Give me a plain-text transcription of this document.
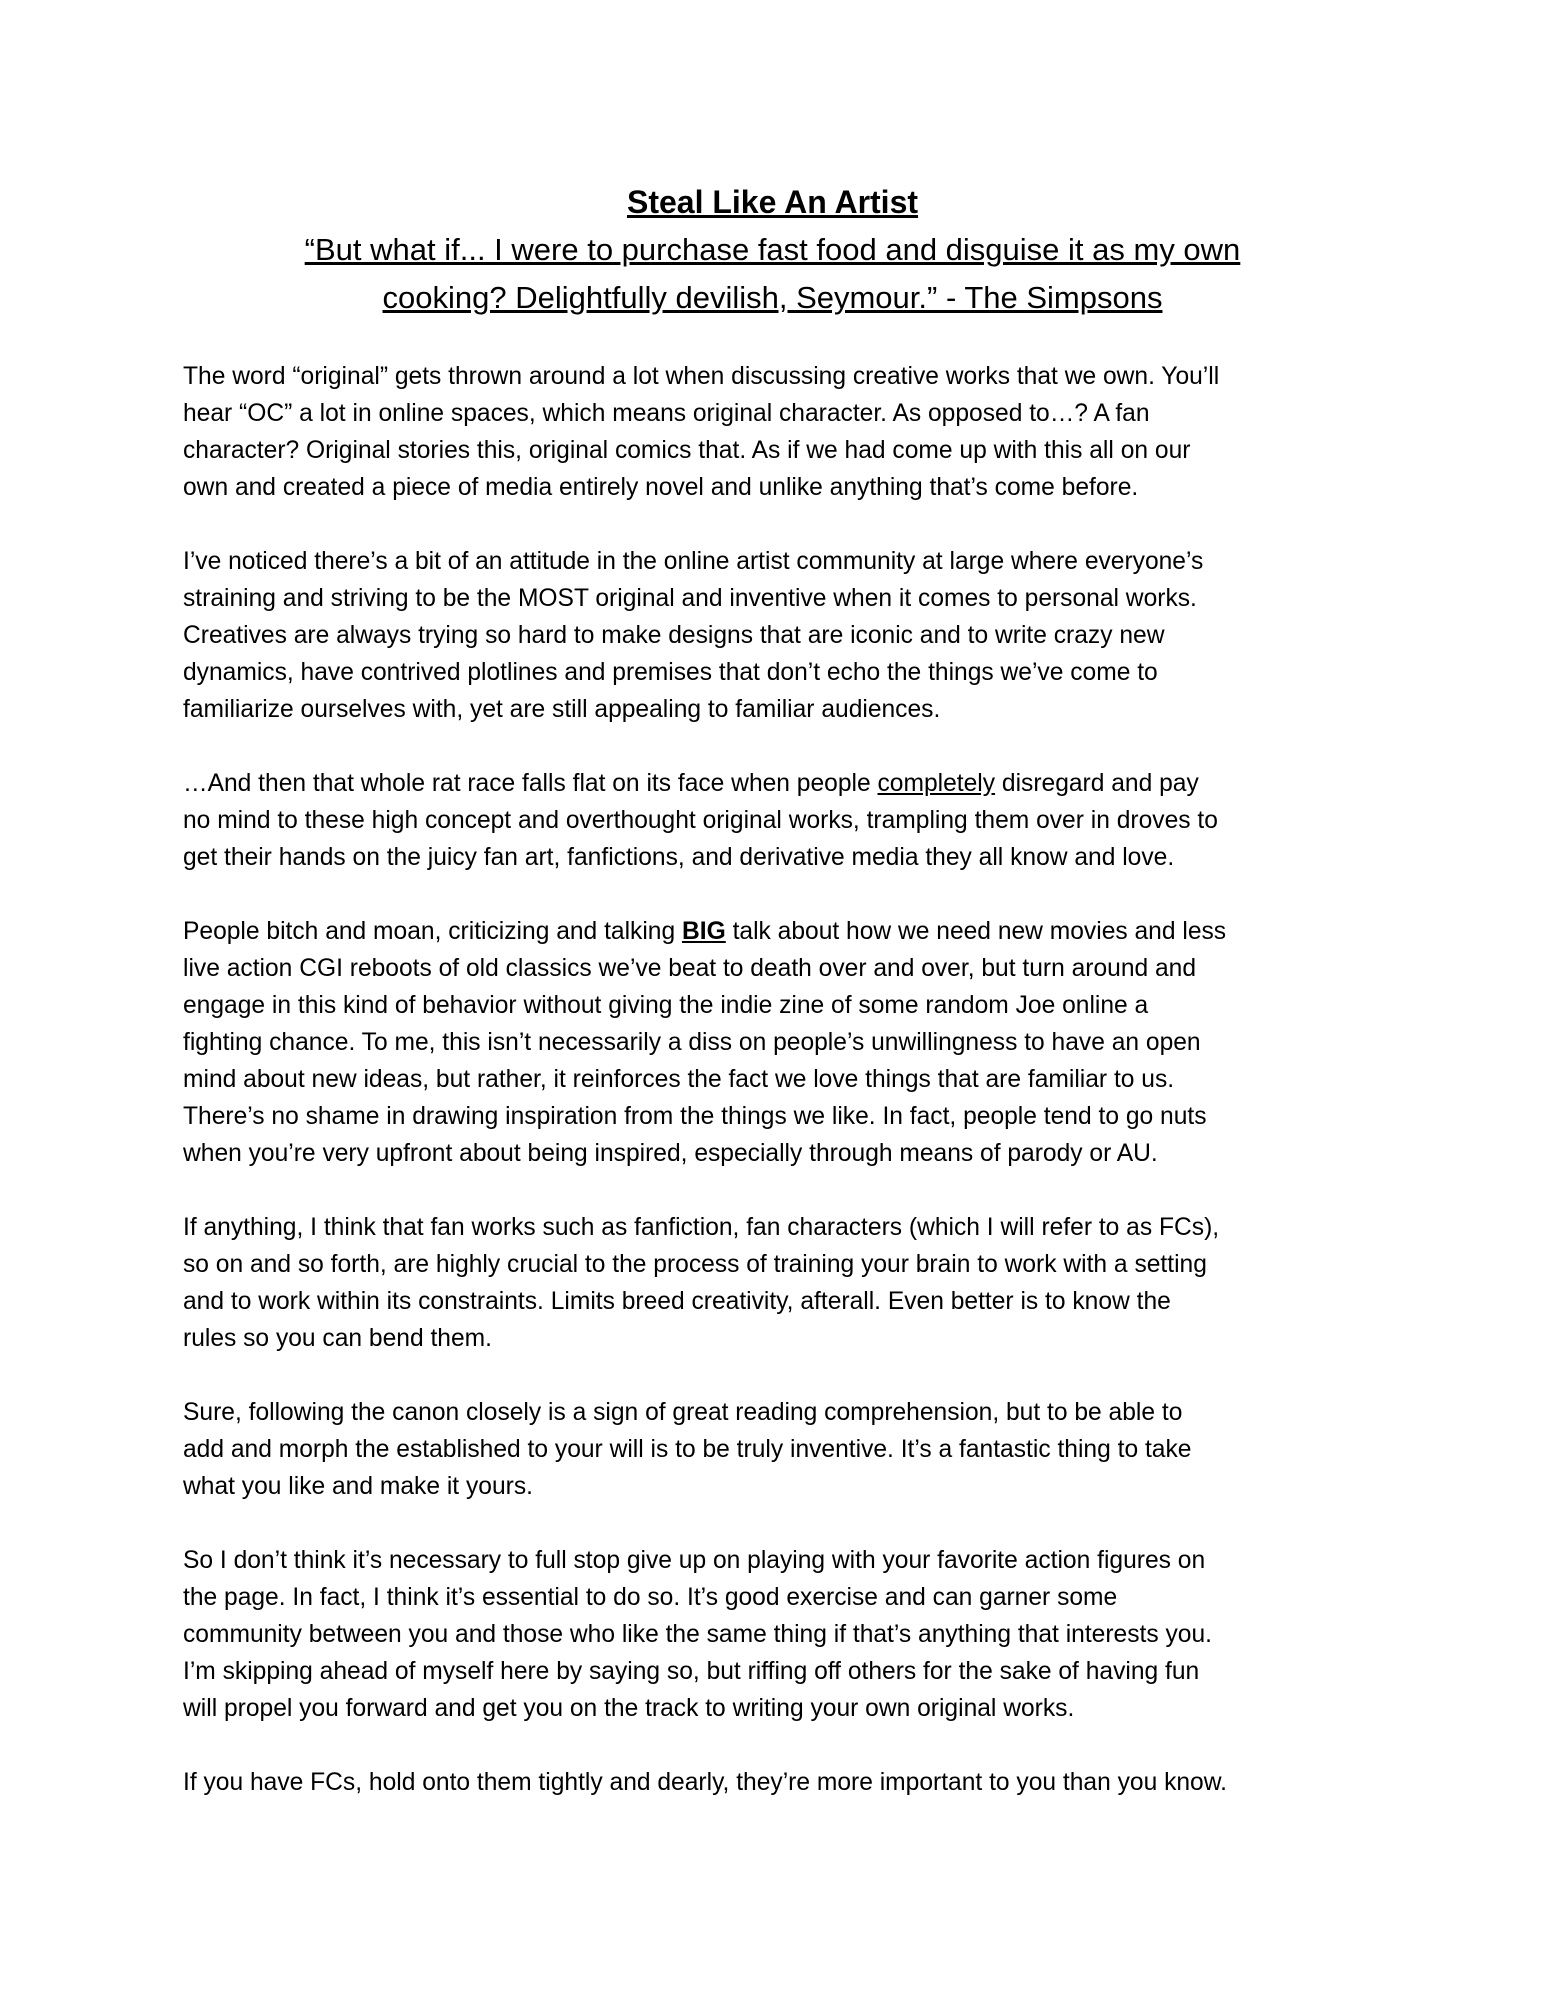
Steal Like An Artist
“But what if... I were to purchase fast food and disguise it as my own
cooking? Delightfully devilish, Seymour.” - The Simpsons

The word “original” gets thrown around a lot when discussing creative works that we own. You’ll
hear “OC” a lot in online spaces, which means original character. As opposed to…? A fan
character? Original stories this, original comics that. As if we had come up with this all on our
own and created a piece of media entirely novel and unlike anything that’s come before.

I’ve noticed there’s a bit of an attitude in the online artist community at large where everyone’s
straining and striving to be the MOST original and inventive when it comes to personal works.
Creatives are always trying so hard to make designs that are iconic and to write crazy new
dynamics, have contrived plotlines and premises that don’t echo the things we’ve come to
familiarize ourselves with, yet are still appealing to familiar audiences.

…And then that whole rat race falls flat on its face when people completely disregard and pay
no mind to these high concept and overthought original works, trampling them over in droves to
get their hands on the juicy fan art, fanfictions, and derivative media they all know and love.

People bitch and moan, criticizing and talking BIG talk about how we need new movies and less
live action CGI reboots of old classics we’ve beat to death over and over, but turn around and
engage in this kind of behavior without giving the indie zine of some random Joe online a
fighting chance. To me, this isn’t necessarily a diss on people’s unwillingness to have an open
mind about new ideas, but rather, it reinforces the fact we love things that are familiar to us.
There’s no shame in drawing inspiration from the things we like. In fact, people tend to go nuts
when you’re very upfront about being inspired, especially through means of parody or AU.

If anything, I think that fan works such as fanfiction, fan characters (which I will refer to as FCs),
so on and so forth, are highly crucial to the process of training your brain to work with a setting
and to work within its constraints. Limits breed creativity, afterall. Even better is to know the
rules so you can bend them.

Sure, following the canon closely is a sign of great reading comprehension, but to be able to
add and morph the established to your will is to be truly inventive. It’s a fantastic thing to take
what you like and make it yours.

So I don’t think it’s necessary to full stop give up on playing with your favorite action figures on
the page. In fact, I think it’s essential to do so. It’s good exercise and can garner some
community between you and those who like the same thing if that’s anything that interests you.
I’m skipping ahead of myself here by saying so, but riffing off others for the sake of having fun
will propel you forward and get you on the track to writing your own original works.

If you have FCs, hold onto them tightly and dearly, they’re more important to you than you know.
